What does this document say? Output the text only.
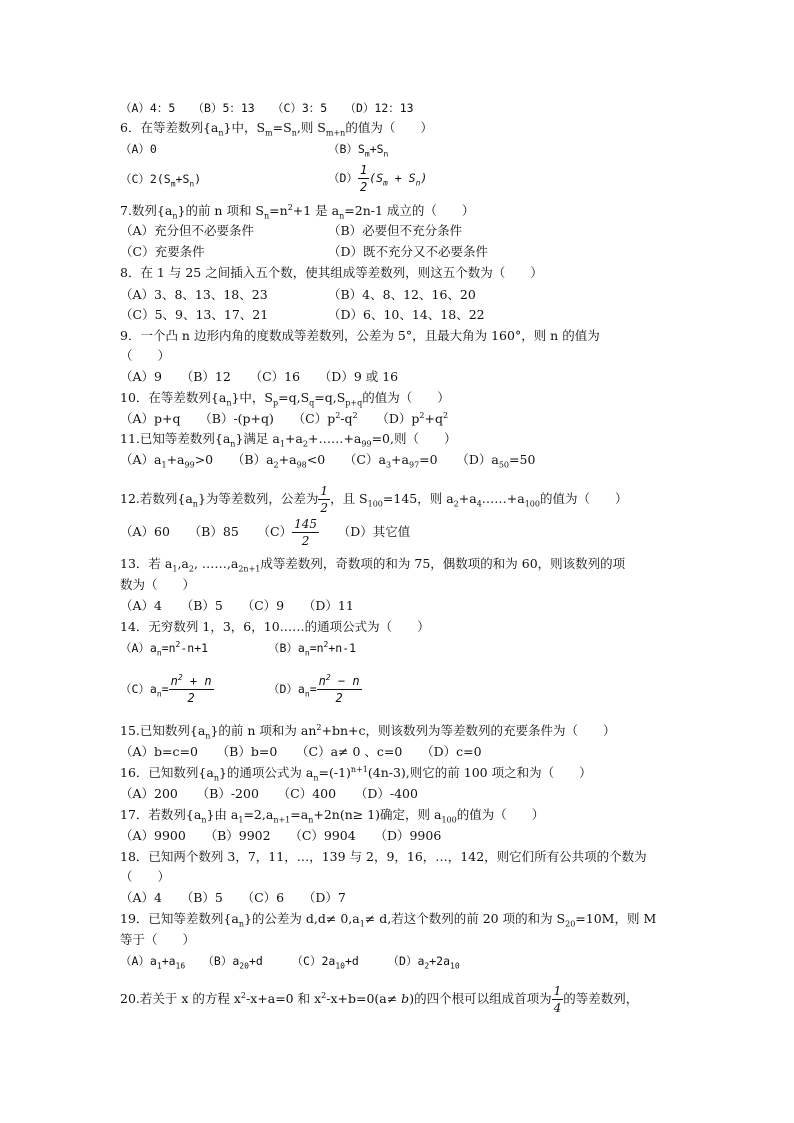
（A）4：5　　（B）5：13　　（C）3：5　　（D）12：13
6．在等差数列$\{a_n\}$中，$S_m=S_n$,则 $S_{m+n}$的值为（　　）
（A）0	$(B)S_m+S_n$
$(C)2(S_m+S_n)$	$(D) \frac{1}{2} (S_m + S_n)$
7.数列$\{a_n\}$的前 n 项和 $S_n=n^2+1$ 是 $a_n=2n-1$ 成立的（　　）
（A）充分但不必要条件	（B）必要但不充分条件
（C）充要条件	（D）既不充分又不必要条件
8．在 1 与 25 之间插入五个数，使其组成等差数列，则这五个数为（　　）
（A）3、8、13、18、23	（B）4、8、12、16、20
（C）5、9、13、17、21	（D）6、10、14、18、22
9．一个凸 n 边形内角的度数成等差数列，公差为 5°，且最大角为 160°，则 n 的值为
（　　）
（A）9　　（B）12　　（C）16　　（D）9 或 16
10．在等差数列$\{a_n\}$中，$S_p=q,S_q=q,S_{p+q}$的值为（　　）
（A）p+q　　（B）-(p+q)　　$(C)p^2-q^2$　　$(D)p^2+q^2$
11.已知等差数列$\{a_n\}$满足 $a_1+a_2+\dots\dots+a_{99}=0$,则（　　）
$(A)a_1+a_{99}>0$　　$(B)a_2+a_{98}<0$　　$(C)a_3+a_{97}=0$　　$(D)a_{50}=50$
12.若数列$\{a_n\}$为等差数列，公差为 $\frac{1}{2}$ ，且 $S_{100}=145$，则 $a_2+a_4\dots\dots+a_{100}$的值为（　　）
（A）60　　（B）85　　$(C) \frac{145}{2}$
　　 （D）其它值
13．若 $a_1,a_2$, $\dots\dots,a_{2n+1}$成等差数列，奇数项的和为 75，偶数项的和为 60，则该数列的项
数为（　　）
（A）4　　（B）5　　（C）9　　（D）11
14．无穷数列 1，3，6，10……的通项公式为（　　）
$(A)a_n=n^2-n+1$	$(B)a_n=n^2+n-1$
$(C)a_n= \frac{n^2 + n}{2}$	$(D)a_n= \frac{n^2 - n}{2}$
15.已知数列$\{a_n\}$的前 n 项和为 $an^2+bn+c$，则该数列为等差数列的充要条件为（　　）
（A）b=c=0　　（B）b=0　　（C）a≠ 0 、c=0　　（D）c=0
16．已知数列$\{a_n\}$的通项公式为 $a_n=(-1)^{n+1}(4n-3)$,则它的前 100 项之和为（　　）
（A）200　　（B）-200　　（C）400　　（D）-400
17．若数列$\{a_n\}$由 $a_1=2,a_{n+1}=a_n+2n(n\ge 1)$确定，则 $a_{100}$的值为（　　）
（A）9900　　（B）9902　　（C）9904　　（D）9906
18．已知两个数列 3，7，11，…，139 与 2，9，16，…，142，则它们所有公共项的个数为
（　　）
（A）4　　（B）5　　（C）6　　（D）7
19．已知等差数列$\{a_n\}$的公差为 $d,d\ne 0,a_1\ne d$,若这个数列的前 20 项的和为 $S_{20}=10M$，则 M
等于（　　）
$(A)a_1+a_{16}$　　$(B)a_{20}+d$　　　$(C)2a_{10}+d$　　　$(D)a_2+2a_{10}$
20.若关于 x 的方程 $x^2-x+a=0$ 和 $x^2-x+b=0(a\ne b)$的四个根可以组成首项为 $\frac{1}{4}$ 的等差数列，
